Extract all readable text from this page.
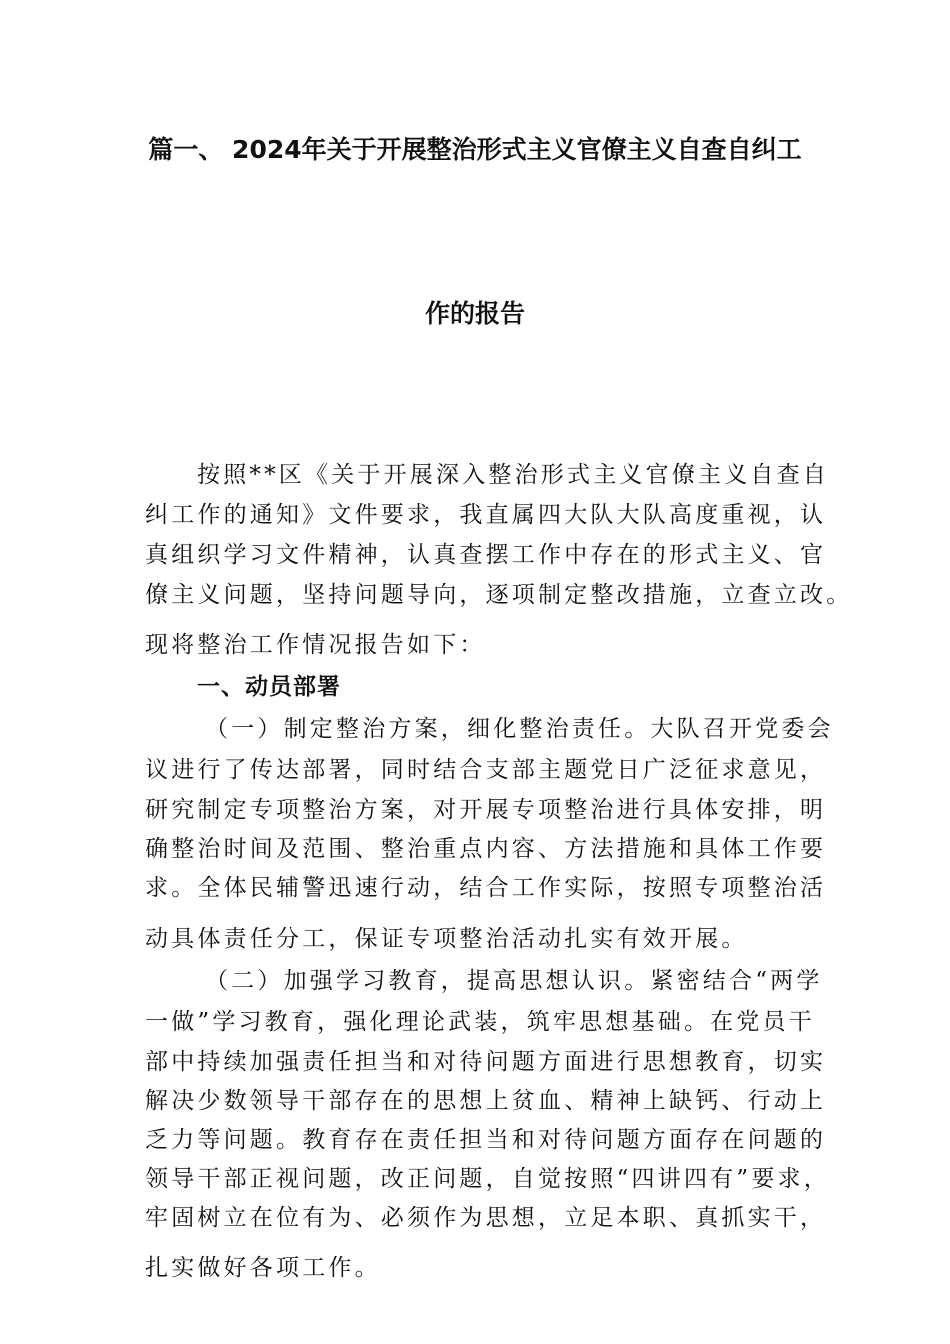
篇一、 2024年关于开展整治形式主义官僚主义自查自纠工
作的报告
按照**区《关于开展深入整治形式主义官僚主义自查自
纠工作的通知》文件要求，我直属四大队大队高度重视，认
真组织学习文件精神，认真查摆工作中存在的形式主义、官
僚主义问题，坚持问题导向，逐项制定整改措施，立查立改。
现将整治工作情况报告如下：
一、动员部署
（一）制定整治方案，细化整治责任。大队召开党委会
议进行了传达部署，同时结合支部主题党日广泛征求意见，
研究制定专项整治方案，对开展专项整治进行具体安排，明
确整治时间及范围、整治重点内容、方法措施和具体工作要
求。全体民辅警迅速行动，结合工作实际，按照专项整治活
动具体责任分工，保证专项整治活动扎实有效开展。
（二）加强学习教育，提高思想认识。紧密结合“两学
一做”学习教育，强化理论武装，筑牢思想基础。在党员干
部中持续加强责任担当和对待问题方面进行思想教育，切实
解决少数领导干部存在的思想上贫血、精神上缺钙、行动上
乏力等问题。教育存在责任担当和对待问题方面存在问题的
领导干部正视问题，改正问题，自觉按照“四讲四有”要求，
牢固树立在位有为、必须作为思想，立足本职、真抓实干，
扎实做好各项工作。
